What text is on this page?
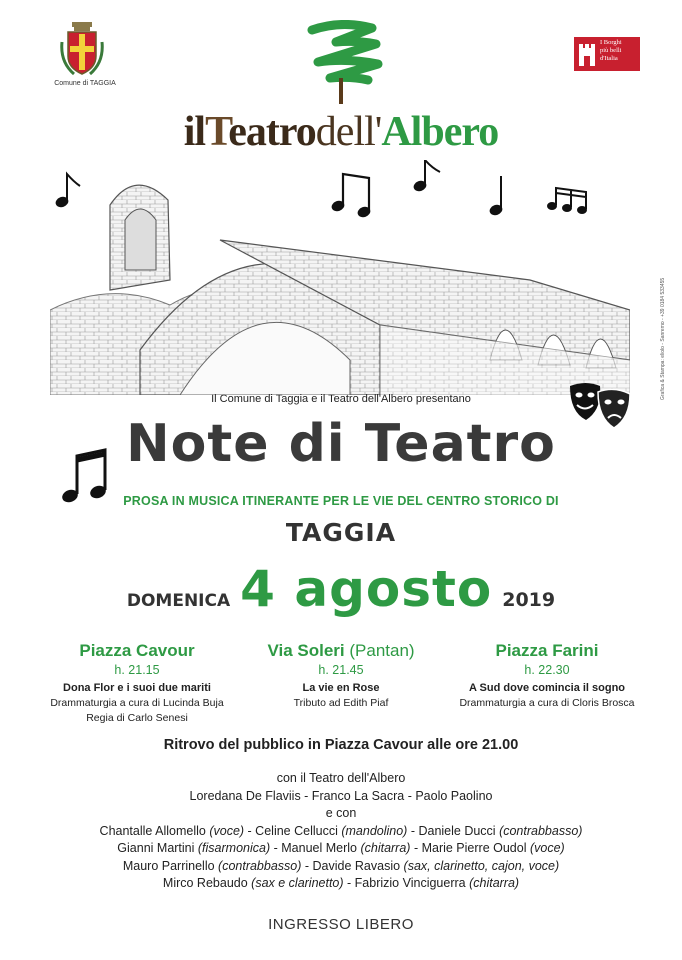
Comune di TAGGIA
I Borghi
più belli
d'Italia
ilTeatrodell'Albero
Grafica & Stampa: eliolo - Sanremo - +39 0184 533455
Il Comune di Taggia e il Teatro dell'Albero presentano
Note di Teatro
PROSA IN MUSICA ITINERANTE PER LE VIE DEL CENTRO STORICO DI
TAGGIA
DOMENICA 4 agosto 2019
Piazza Cavour
h. 21.15
Dona Flor e i suoi due mariti
Drammaturgia a cura di Lucinda Buja
Regia di Carlo Senesi
Via Soleri (Pantan)
h. 21.45
La vie en Rose
Tributo ad Edith Piaf
Piazza Farini
h. 22.30
A Sud dove comincia il sogno
Drammaturgia a cura di Cloris Brosca
Ritrovo del pubblico in Piazza Cavour alle ore 21.00
con il Teatro dell'Albero
Loredana De Flaviis - Franco La Sacra - Paolo Paolino
e con
Chantalle Allomello (voce) - Celine Cellucci (mandolino) - Daniele Ducci (contrabbasso)
Gianni Martini (fisarmonica) - Manuel Merlo (chitarra) - Marie Pierre Oudol (voce)
Mauro Parrinello (contrabbasso) - Davide Ravasio (sax, clarinetto, cajon, voce)
Mirco Rebaudo (sax e clarinetto) - Fabrizio Vinciguerra (chitarra)
INGRESSO LIBERO
